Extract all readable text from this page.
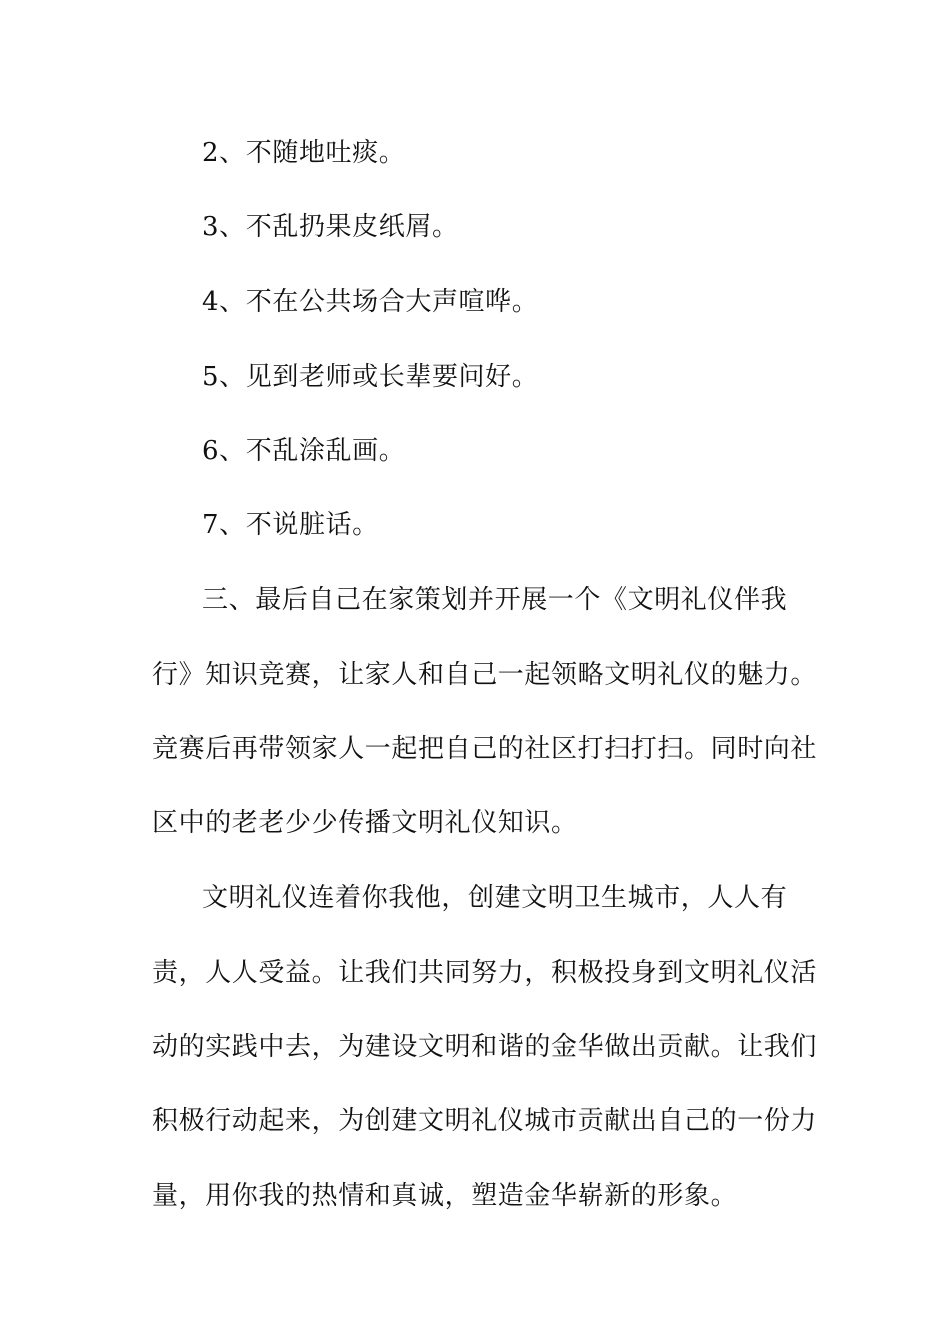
2、不随地吐痰。
3、不乱扔果皮纸屑。
4、不在公共场合大声喧哗。
5、见到老师或长辈要问好。
6、不乱涂乱画。
7、不说脏话。
三、最后自己在家策划并开展一个《文明礼仪伴我
行》知识竞赛，让家人和自己一起领略文明礼仪的魅力。
竞赛后再带领家人一起把自己的社区打扫打扫。同时向社
区中的老老少少传播文明礼仪知识。
文明礼仪连着你我他，创建文明卫生城市，人人有
责，人人受益。让我们共同努力，积极投身到文明礼仪活
动的实践中去，为建设文明和谐的金华做出贡献。让我们
积极行动起来，为创建文明礼仪城市贡献出自己的一份力
量，用你我的热情和真诚，塑造金华崭新的形象。
